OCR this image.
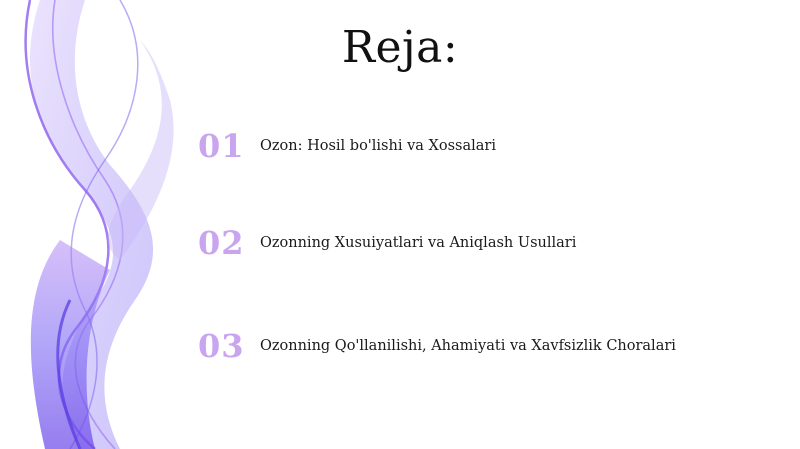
Reja:
01	Ozon: Hosil bo'lishi va Xossalari
02	Ozonning Xusuiyatlari va Aniqlash Usullari
03	Ozonning Qo'llanilishi, Ahamiyati va Xavfsizlik Choralari
